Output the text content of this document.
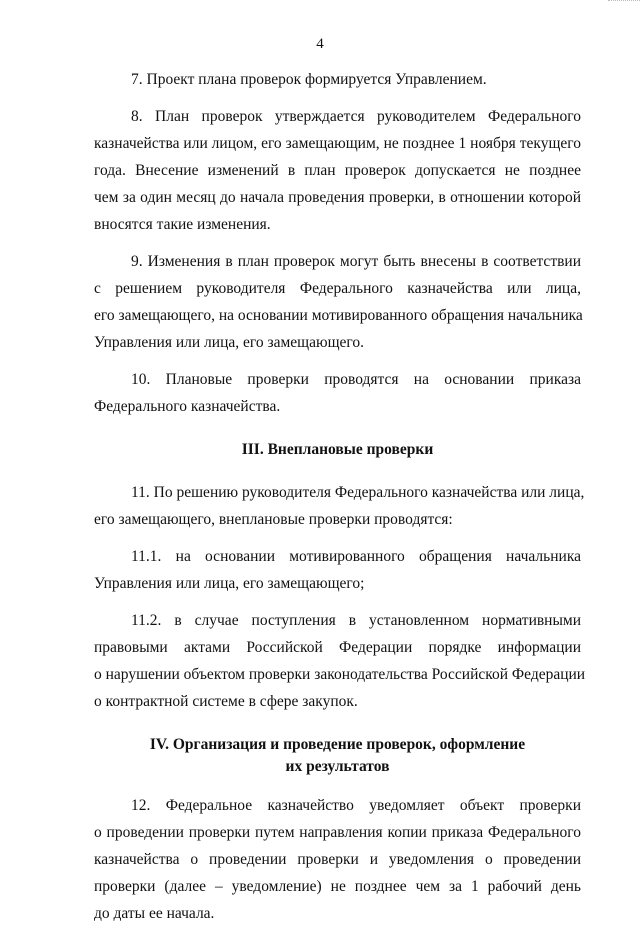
4

7. Проект плана проверок формируется Управлением.

8. План проверок утверждается руководителем Федерального
казначейства или лицом, его замещающим, не позднее 1 ноября текущего
года. Внесение изменений в план проверок допускается не позднее
чем за один месяц до начала проведения проверки, в отношении которой
вносятся такие изменения.

9. Изменения в план проверок могут быть внесены в соответствии
с решением руководителя Федерального казначейства или лица,
его замещающего, на основании мотивированного обращения начальника
Управления или лица, его замещающего.

10. Плановые проверки проводятся на основании приказа
Федерального казначейства.

III. Внеплановые проверки

11. По решению руководителя Федерального казначейства или лица,
его замещающего, внеплановые проверки проводятся:

11.1. на основании мотивированного обращения начальника
Управления или лица, его замещающего;

11.2. в случае поступления в установленном нормативными
правовыми актами Российской Федерации порядке информации
о нарушении объектом проверки законодательства Российской Федерации
о контрактной системе в сфере закупок.

IV. Организация и проведение проверок, оформление
их результатов

12. Федеральное казначейство уведомляет объект проверки
о проведении проверки путем направления копии приказа Федерального
казначейства о проведении проверки и уведомления о проведении
проверки (далее – уведомление) не позднее чем за 1 рабочий день
до даты ее начала.
